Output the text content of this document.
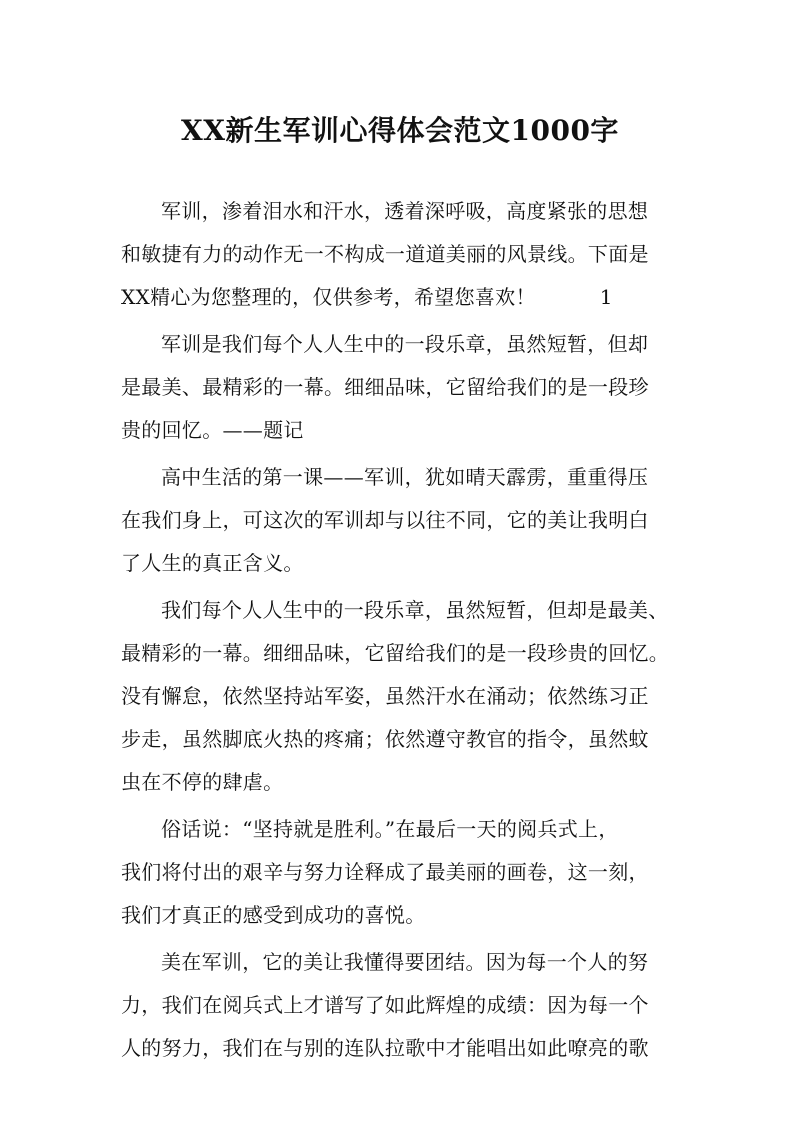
XX新生军训心得体会范文1000字
军训，渗着泪水和汗水，透着深呼吸，高度紧张的思想
和敏捷有力的动作无一不构成一道道美丽的风景线。下面是
XX精心为您整理的，仅供参考，希望您喜欢！	1
军训是我们每个人人生中的一段乐章，虽然短暂，但却
是最美、最精彩的一幕。细细品味，它留给我们的是一段珍
贵的回忆。——题记
高中生活的第一课——军训，犹如晴天霹雳，重重得压
在我们身上，可这次的军训却与以往不同，它的美让我明白
了人生的真正含义。
我们每个人人生中的一段乐章，虽然短暂，但却是最美、
最精彩的一幕。细细品味，它留给我们的是一段珍贵的回忆。
没有懈怠，依然坚持站军姿，虽然汗水在涌动；依然练习正
步走，虽然脚底火热的疼痛；依然遵守教官的指令，虽然蚊
虫在不停的肆虐。
俗话说：“坚持就是胜利。”在最后一天的阅兵式上，
我们将付出的艰辛与努力诠释成了最美丽的画卷，这一刻，
我们才真正的感受到成功的喜悦。
美在军训，它的美让我懂得要团结。因为每一个人的努
力，我们在阅兵式上才谱写了如此辉煌的成绩：因为每一个
人的努力，我们在与别的连队拉歌中才能唱出如此嘹亮的歌
